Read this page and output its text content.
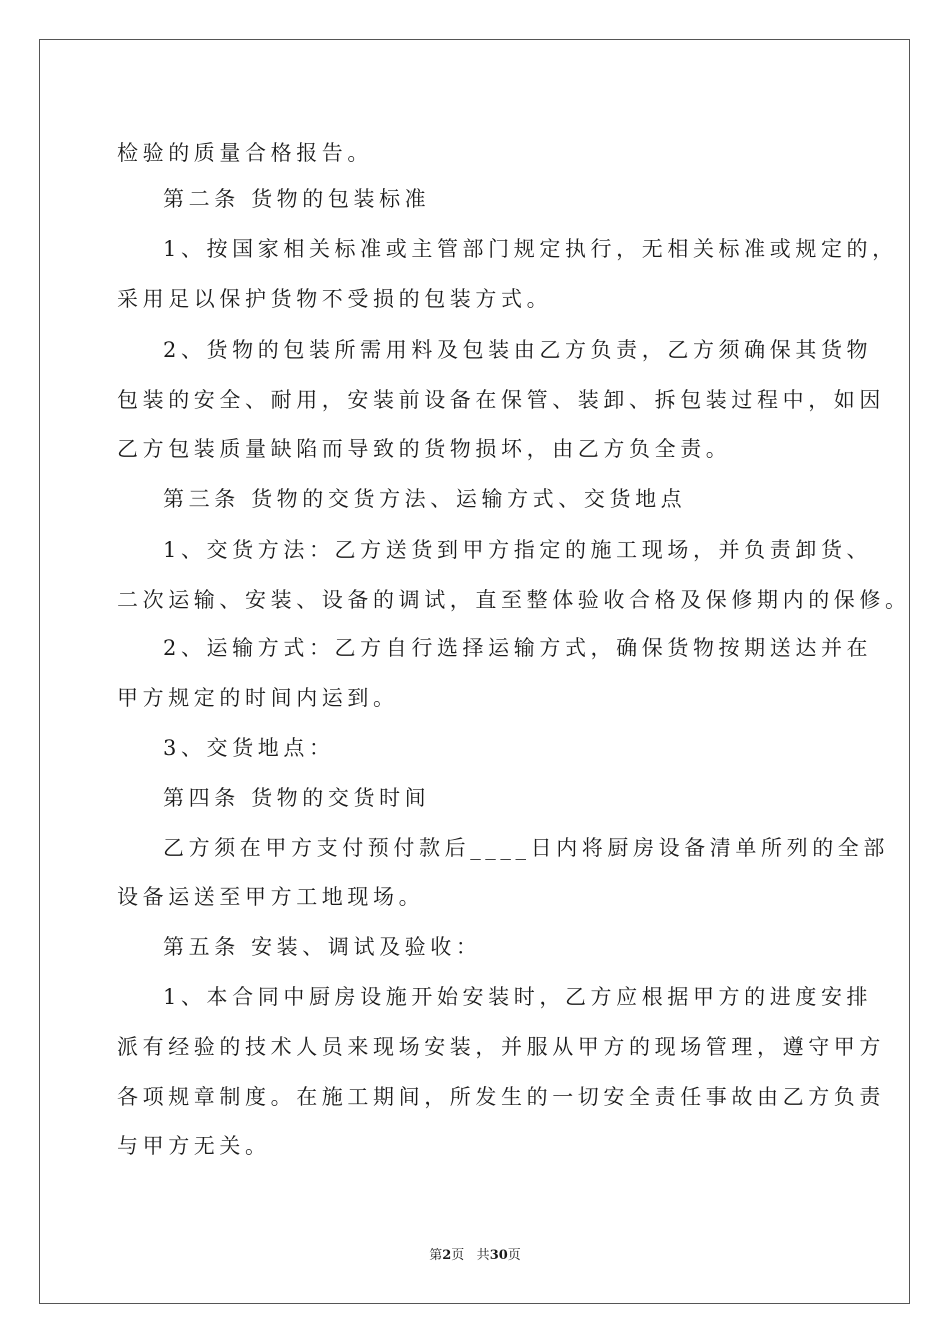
检验的质量合格报告。
第二条 货物的包装标准
1、按国家相关标准或主管部门规定执行，无相关标准或规定的，
采用足以保护货物不受损的包装方式。
2、货物的包装所需用料及包装由乙方负责，乙方须确保其货物
包装的安全、耐用，安装前设备在保管、装卸、拆包装过程中，如因
乙方包装质量缺陷而导致的货物损坏，由乙方负全责。
第三条 货物的交货方法、运输方式、交货地点
1、交货方法：乙方送货到甲方指定的施工现场，并负责卸货、
二次运输、安装、设备的调试，直至整体验收合格及保修期内的保修。
2、运输方式：乙方自行选择运输方式，确保货物按期送达并在
甲方规定的时间内运到。
3、交货地点：
第四条 货物的交货时间
乙方须在甲方支付预付款后____日内将厨房设备清单所列的全部
设备运送至甲方工地现场。
第五条 安装、调试及验收：
1、本合同中厨房设施开始安装时，乙方应根据甲方的进度安排
派有经验的技术人员来现场安装，并服从甲方的现场管理，遵守甲方
各项规章制度。在施工期间，所发生的一切安全责任事故由乙方负责
与甲方无关。
第2页 共30页
